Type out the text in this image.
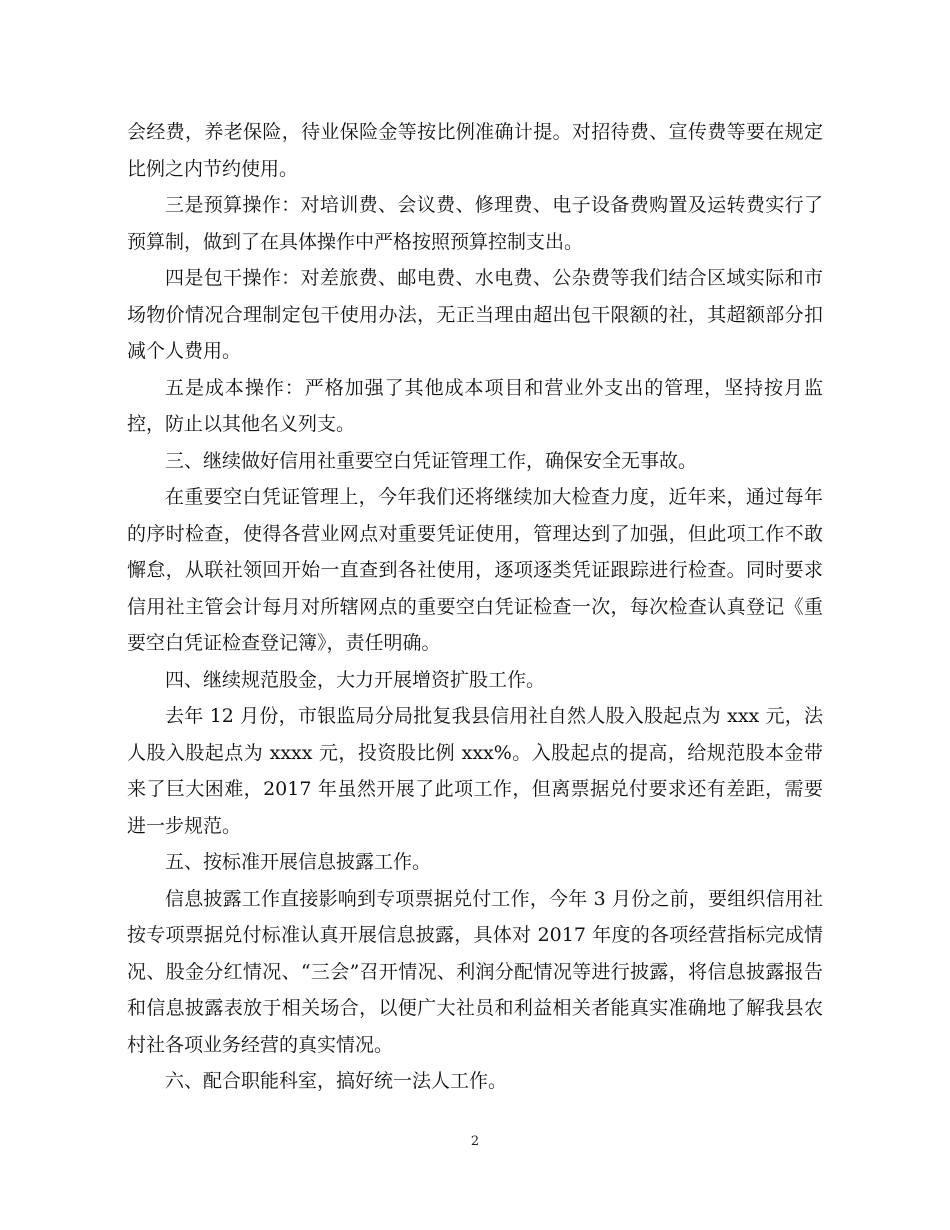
会经费，养老保险，待业保险金等按比例准确计提。对招待费、宣传费等要在规定比例之内节约使用。

三是预算操作：对培训费、会议费、修理费、电子设备费购置及运转费实行了预算制，做到了在具体操作中严格按照预算控制支出。

四是包干操作：对差旅费、邮电费、水电费、公杂费等我们结合区域实际和市场物价情况合理制定包干使用办法，无正当理由超出包干限额的社，其超额部分扣减个人费用。

五是成本操作：严格加强了其他成本项目和营业外支出的管理，坚持按月监控，防止以其他名义列支。

三、继续做好信用社重要空白凭证管理工作，确保安全无事故。

在重要空白凭证管理上，今年我们还将继续加大检查力度，近年来，通过每年的序时检查，使得各营业网点对重要凭证使用，管理达到了加强，但此项工作不敢懈怠，从联社领回开始一直查到各社使用，逐项逐类凭证跟踪进行检查。同时要求信用社主管会计每月对所辖网点的重要空白凭证检查一次，每次检查认真登记《重要空白凭证检查登记簿》，责任明确。

四、继续规范股金，大力开展增资扩股工作。

去年 12 月份，市银监局分局批复我县信用社自然人股入股起点为 xxx 元，法人股入股起点为 xxxx 元，投资股比例 xxx%。入股起点的提高，给规范股本金带来了巨大困难，2017 年虽然开展了此项工作，但离票据兑付要求还有差距，需要进一步规范。

五、按标准开展信息披露工作。

信息披露工作直接影响到专项票据兑付工作，今年 3 月份之前，要组织信用社按专项票据兑付标准认真开展信息披露，具体对 2017 年度的各项经营指标完成情况、股金分红情况、“三会”召开情况、利润分配情况等进行披露，将信息披露报告和信息披露表放于相关场合，以便广大社员和利益相关者能真实准确地了解我县农村社各项业务经营的真实情况。

六、配合职能科室，搞好统一法人工作。

2
